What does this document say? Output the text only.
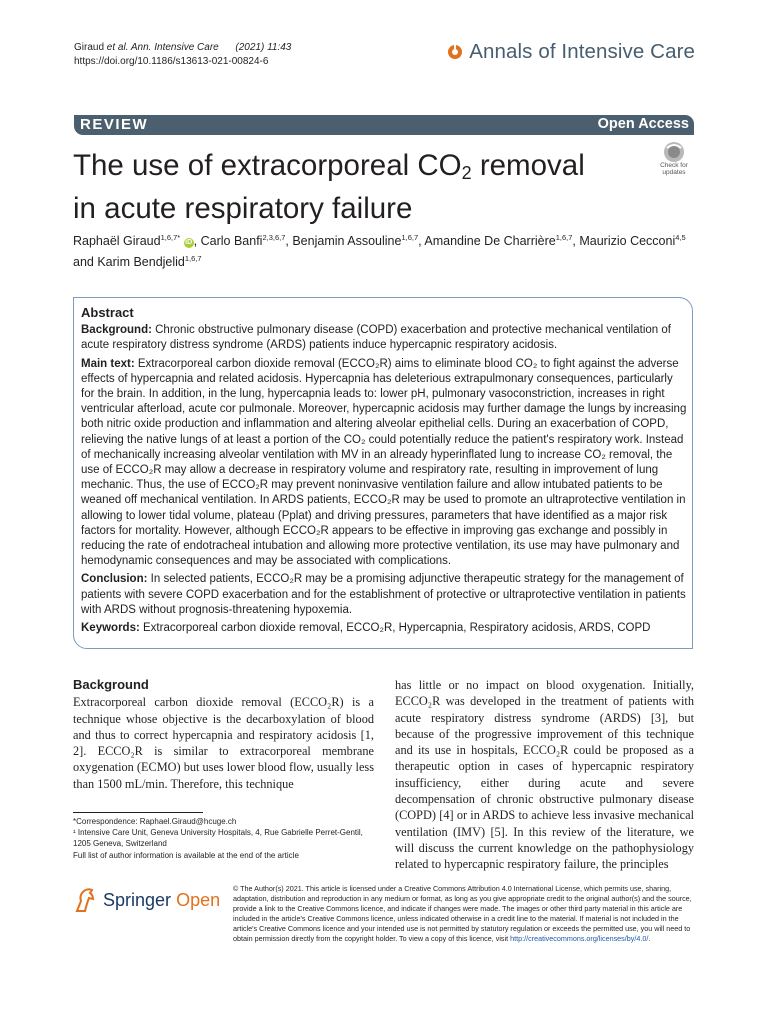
Giraud et al. Ann. Intensive Care (2021) 11:43
https://doi.org/10.1186/s13613-021-00824-6	Annals of Intensive Care
REVIEW	Open Access
The use of extracorporeal $CO_2$ removal
in acute respiratory failure
Check for updates
Raphaël Giraud$^{1,6,7*}$ iD , Carlo Banfi$^{2,3,6,7}$, Benjamin Assouline$^{1,6,7}$, Amandine De Charrière$^{1,6,7}$, Maurizio Cecconi$^{4,5}$
and Karim Bendjelid$^{1,6,7}$
Abstract

Background: Chronic obstructive pulmonary disease (COPD) exacerbation and protective mechanical ventilation of acute respiratory distress syndrome (ARDS) patients induce hypercapnic respiratory acidosis.

Main text: Extracorporeal carbon dioxide removal (ECCO₂R) aims to eliminate blood CO₂ to fight against the adverse effects of hypercapnia and related acidosis. Hypercapnia has deleterious extrapulmonary consequences, particularly for the brain. In addition, in the lung, hypercapnia leads to: lower pH, pulmonary vasoconstriction, increases in right ventricular afterload, acute cor pulmonale. Moreover, hypercapnic acidosis may further damage the lungs by increasing both nitric oxide production and inflammation and altering alveolar epithelial cells. During an exacerbation of COPD, relieving the native lungs of at least a portion of the CO₂ could potentially reduce the patient's respiratory work. Instead of mechanically increasing alveolar ventilation with MV in an already hyperinflated lung to increase CO₂ removal, the use of ECCO₂R may allow a decrease in respiratory volume and respiratory rate, resulting in improvement of lung mechanic. Thus, the use of ECCO₂R may prevent noninvasive ventilation failure and allow intubated patients to be weaned off mechanical ventilation. In ARDS patients, ECCO₂R may be used to promote an ultraprotective ventilation in allowing to lower tidal volume, plateau (Pplat) and driving pressures, parameters that have identified as a major risk factors for mortality. However, although ECCO₂R appears to be effective in improving gas exchange and possibly in reducing the rate of endotracheal intubation and allowing more protective ventilation, its use may have pulmonary and hemodynamic consequences and may be associated with complications.

Conclusion: In selected patients, ECCO₂R may be a promising adjunctive therapeutic strategy for the management of patients with severe COPD exacerbation and for the establishment of protective or ultraprotective ventilation in patients with ARDS without prognosis-threatening hypoxemia.

Keywords: Extracorporeal carbon dioxide removal, ECCO₂R, Hypercapnia, Respiratory acidosis, ARDS, COPD

Background
Extracorporeal carbon dioxide removal (ECCO₂R) is a technique whose objective is the decarboxylation of blood and thus to correct hypercapnia and respiratory acidosis [1, 2]. ECCO₂R is similar to extracorporeal membrane oxygenation (ECMO) but uses lower blood flow, usually less than 1500 mL/min. Therefore, this technique
has little or no impact on blood oxygenation. Initially, ECCO₂R was developed in the treatment of patients with acute respiratory distress syndrome (ARDS) [3], but because of the progressive improvement of this technique and its use in hospitals, ECCO₂R could be proposed as a therapeutic option in cases of hypercapnic respiratory insufficiency, either during acute and severe decompensation of chronic obstructive pulmonary disease (COPD) [4] or in ARDS to achieve less invasive mechanical ventilation (IMV) [5]. In this review of the literature, we will discuss the current knowledge on the pathophysiology related to hypercapnic respiratory failure, the principles
*Correspondence: Raphael.Giraud@hcuge.ch
¹ Intensive Care Unit, Geneva University Hospitals, 4, Rue Gabrielle Perret-Gentil, 1205 Geneva, Switzerland
Full list of author information is available at the end of the article
Springer Open
© The Author(s) 2021. This article is licensed under a Creative Commons Attribution 4.0 International License, which permits use, sharing, adaptation, distribution and reproduction in any medium or format, as long as you give appropriate credit to the original author(s) and the source, provide a link to the Creative Commons licence, and indicate if changes were made. The images or other third party material in this article are included in the article's Creative Commons licence, unless indicated otherwise in a credit line to the material. If material is not included in the article's Creative Commons licence and your intended use is not permitted by statutory regulation or exceeds the permitted use, you will need to obtain permission directly from the copyright holder. To view a copy of this licence, visit http://creativecommons.org/licenses/by/4.0/.
